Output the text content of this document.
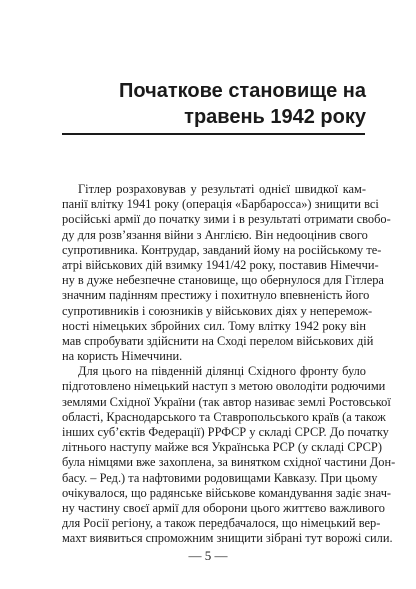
Початкове становище на
травень 1942 року
Гітлер розраховував у результаті однієї швидкої кам-
панії влітку 1941 року (операція «Барбаросса») знищити всі
російські армії до початку зими і в результаті отримати свобо-
ду для розв’язання війни з Англією. Він недооцінив свого
супротивника. Контрудар, завданий йому на російському те-
атрі військових дій взимку 1941/42 року, поставив Німеччи-
ну в дуже небезпечне становище, що обернулося для Гітлера
значним падінням престижу і похитнуло впевненість його
супротивників і союзників у військових діях у неперемож-
ності німецьких збройних сил. Тому влітку 1942 року він
мав спробувати здійснити на Сході перелом військових дій
на користь Німеччини.
Для цього на південній ділянці Східного фронту було
підготовлено німецький наступ з метою оволодіти родючими
землями Східної України (так автор називає землі Ростовської
області, Краснодарського та Ставропольського країв (а також
інших суб’єктів Федерації) РРФСР у складі СРСР. До початку
літнього наступу майже вся Українська РСР (у складі СРСР)
була німцями вже захоплена, за винятком східної частини Дон-
басу. – Ред.) та нафтовими родовищами Кавказу. При цьому
очікувалося, що радянське військове командування задіє знач-
ну частину своєї армії для оборони цього життєво важливого
для Росії регіону, а також передбачалося, що німецький вер-
махт виявиться спроможним знищити зібрані тут ворожі сили.
— 5 —
